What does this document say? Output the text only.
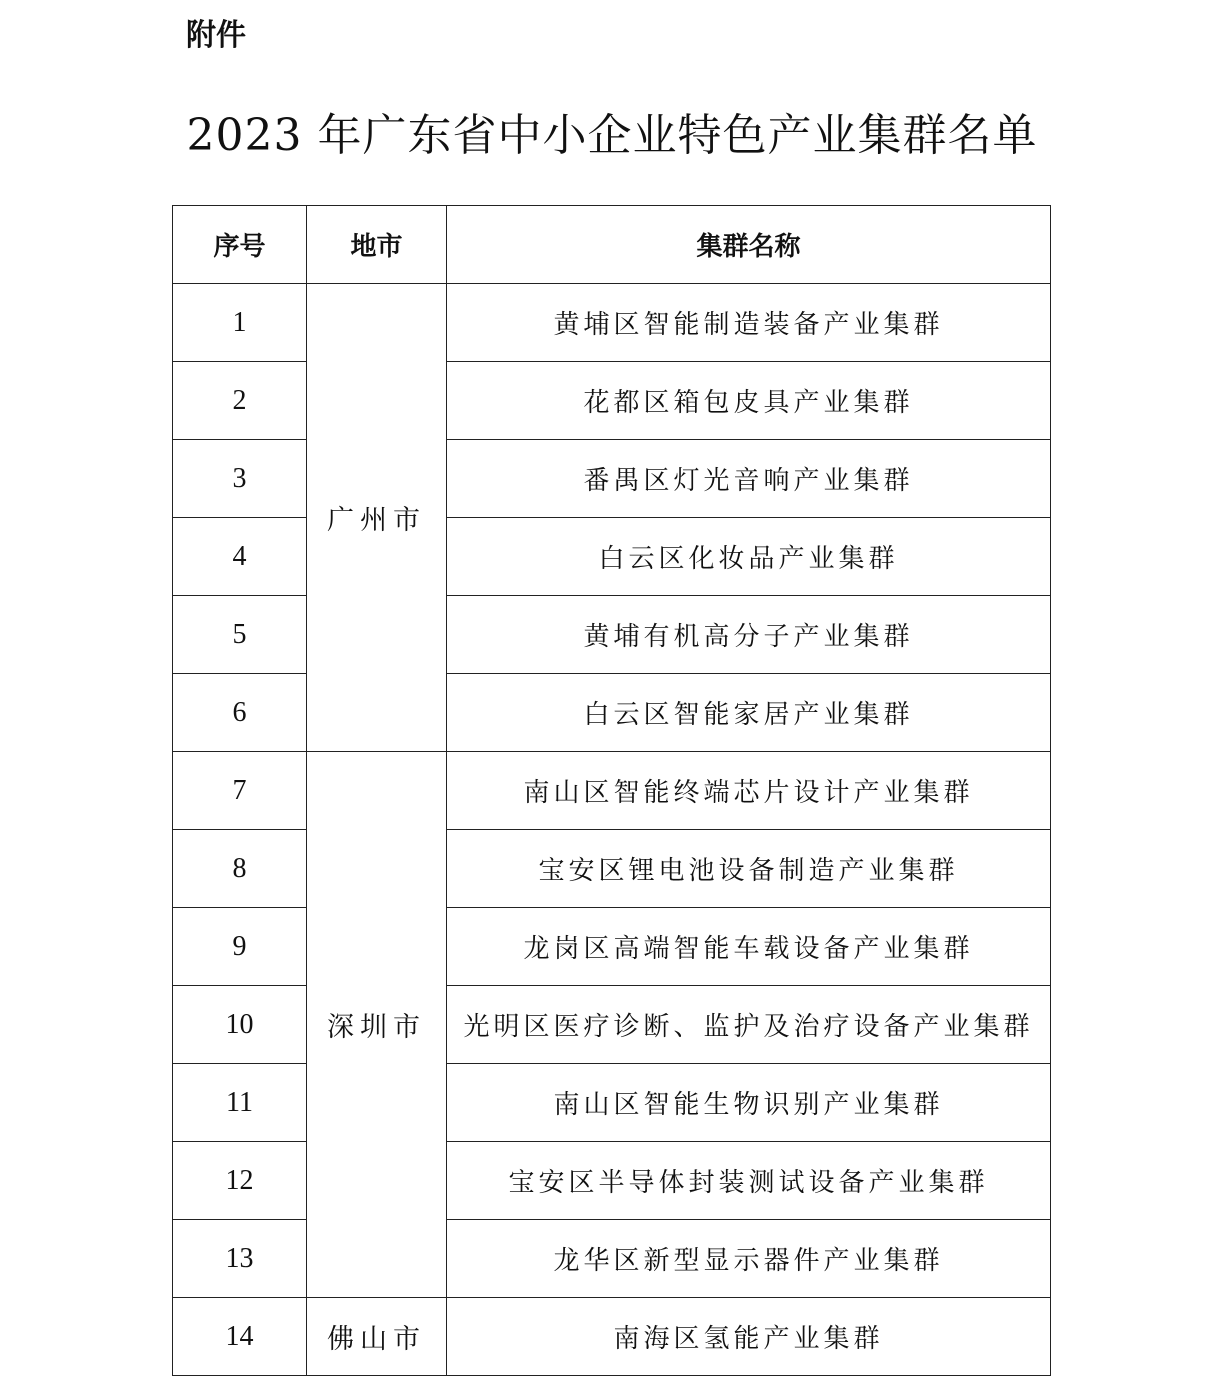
附件
2023 年广东省中小企业特色产业集群名单
序号	地市	集群名称
1	广州市	黄埔区智能制造装备产业集群
2		花都区箱包皮具产业集群
3		番禺区灯光音响产业集群
4		白云区化妆品产业集群
5		黄埔有机高分子产业集群
6		白云区智能家居产业集群
7	深圳市	南山区智能终端芯片设计产业集群
8		宝安区锂电池设备制造产业集群
9		龙岗区高端智能车载设备产业集群
10		光明区医疗诊断、监护及治疗设备产业集群
11		南山区智能生物识别产业集群
12		宝安区半导体封装测试设备产业集群
13		龙华区新型显示器件产业集群
14	佛山市	南海区氢能产业集群
